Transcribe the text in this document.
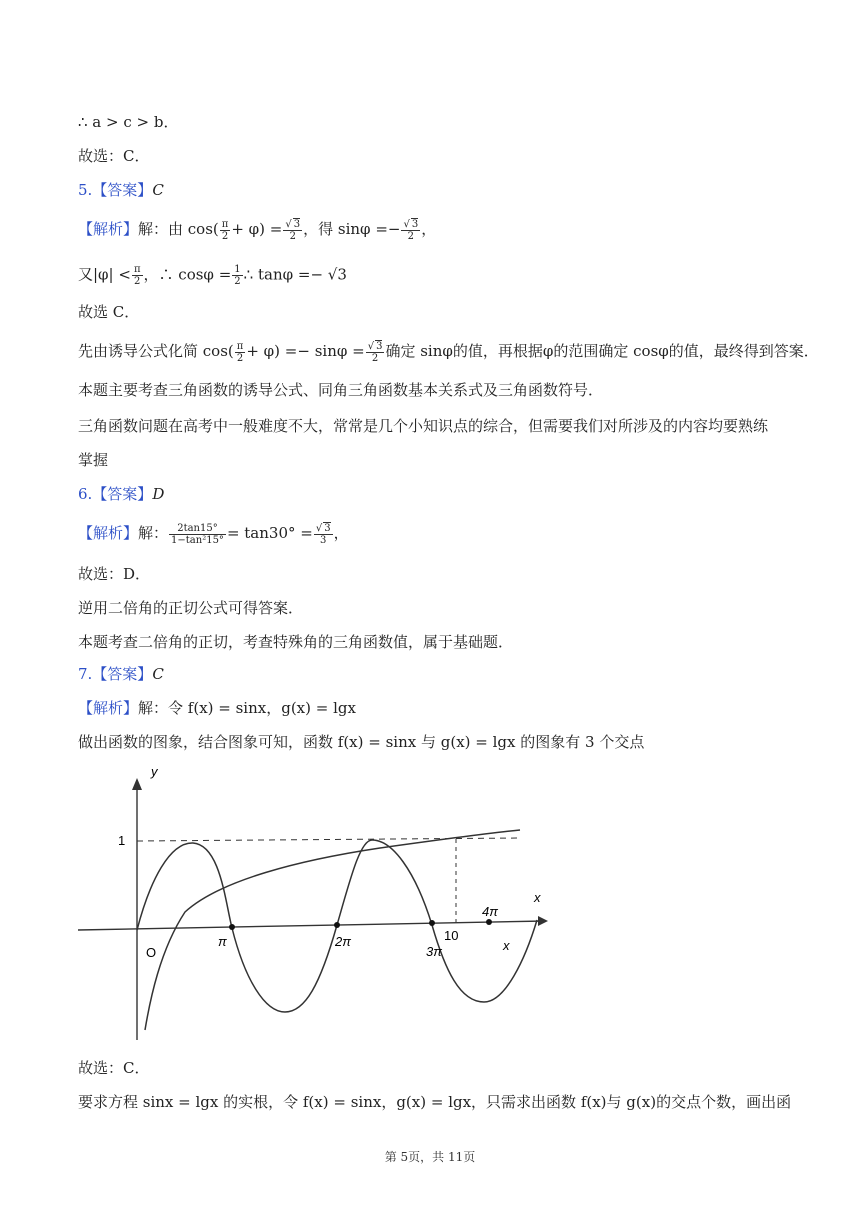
∴ a > c > b．
故选：C．
5.【答案】C
【解析】解：由 $\cos( \frac{\pi}{2} + \varphi) = \frac{√ 3}{2}$ ，得 $\sin\varphi =- \frac{√ 3}{2}$ ，
又$|\varphi| < \frac{\pi}{2}$ ，∴ $\cos\varphi = \frac{1}{2}$ ∴ tanφ =− √3
故选 C．
先由诱导公式化简 $\cos( \frac{\pi}{2} + \varphi) =- \sin\varphi = \frac{√ 3}{2}$ 确定 sinφ的值，再根据φ的范围确定 cosφ的值，最终得到答案．
本题主要考查三角函数的诱导公式、同角三角函数基本关系式及三角函数符号．
三角函数问题在高考中一般难度不大，常常是几个小知识点的综合，但需要我们对所涉及的内容均要熟练
掌握
6.【答案】D
【解析】解： $\frac{2\tan 15^\circ}{\text{1−tan²15°}} = \tan 30^\circ = \frac{√ 3}{3}$ ，
故选：D．
逆用二倍角的正切公式可得答案．
本题考查二倍角的正切，考查特殊角的三角函数值，属于基础题．
7.【答案】C
【解析】解：令 f(x) = sinx，g(x) = lgx
做出函数的图象，结合图象可知，函数 f(x) = sinx 与 g(x) = lgx 的图象有 3 个交点
y
x
x
O
1
π	2π
3π
4π
10
故选：C．
要求方程 sinx = lgx 的实根，令 f(x) = sinx，g(x) = lgx，只需求出函数 f(x)与 g(x)的交点个数，画出函
第 5页，共 11页
